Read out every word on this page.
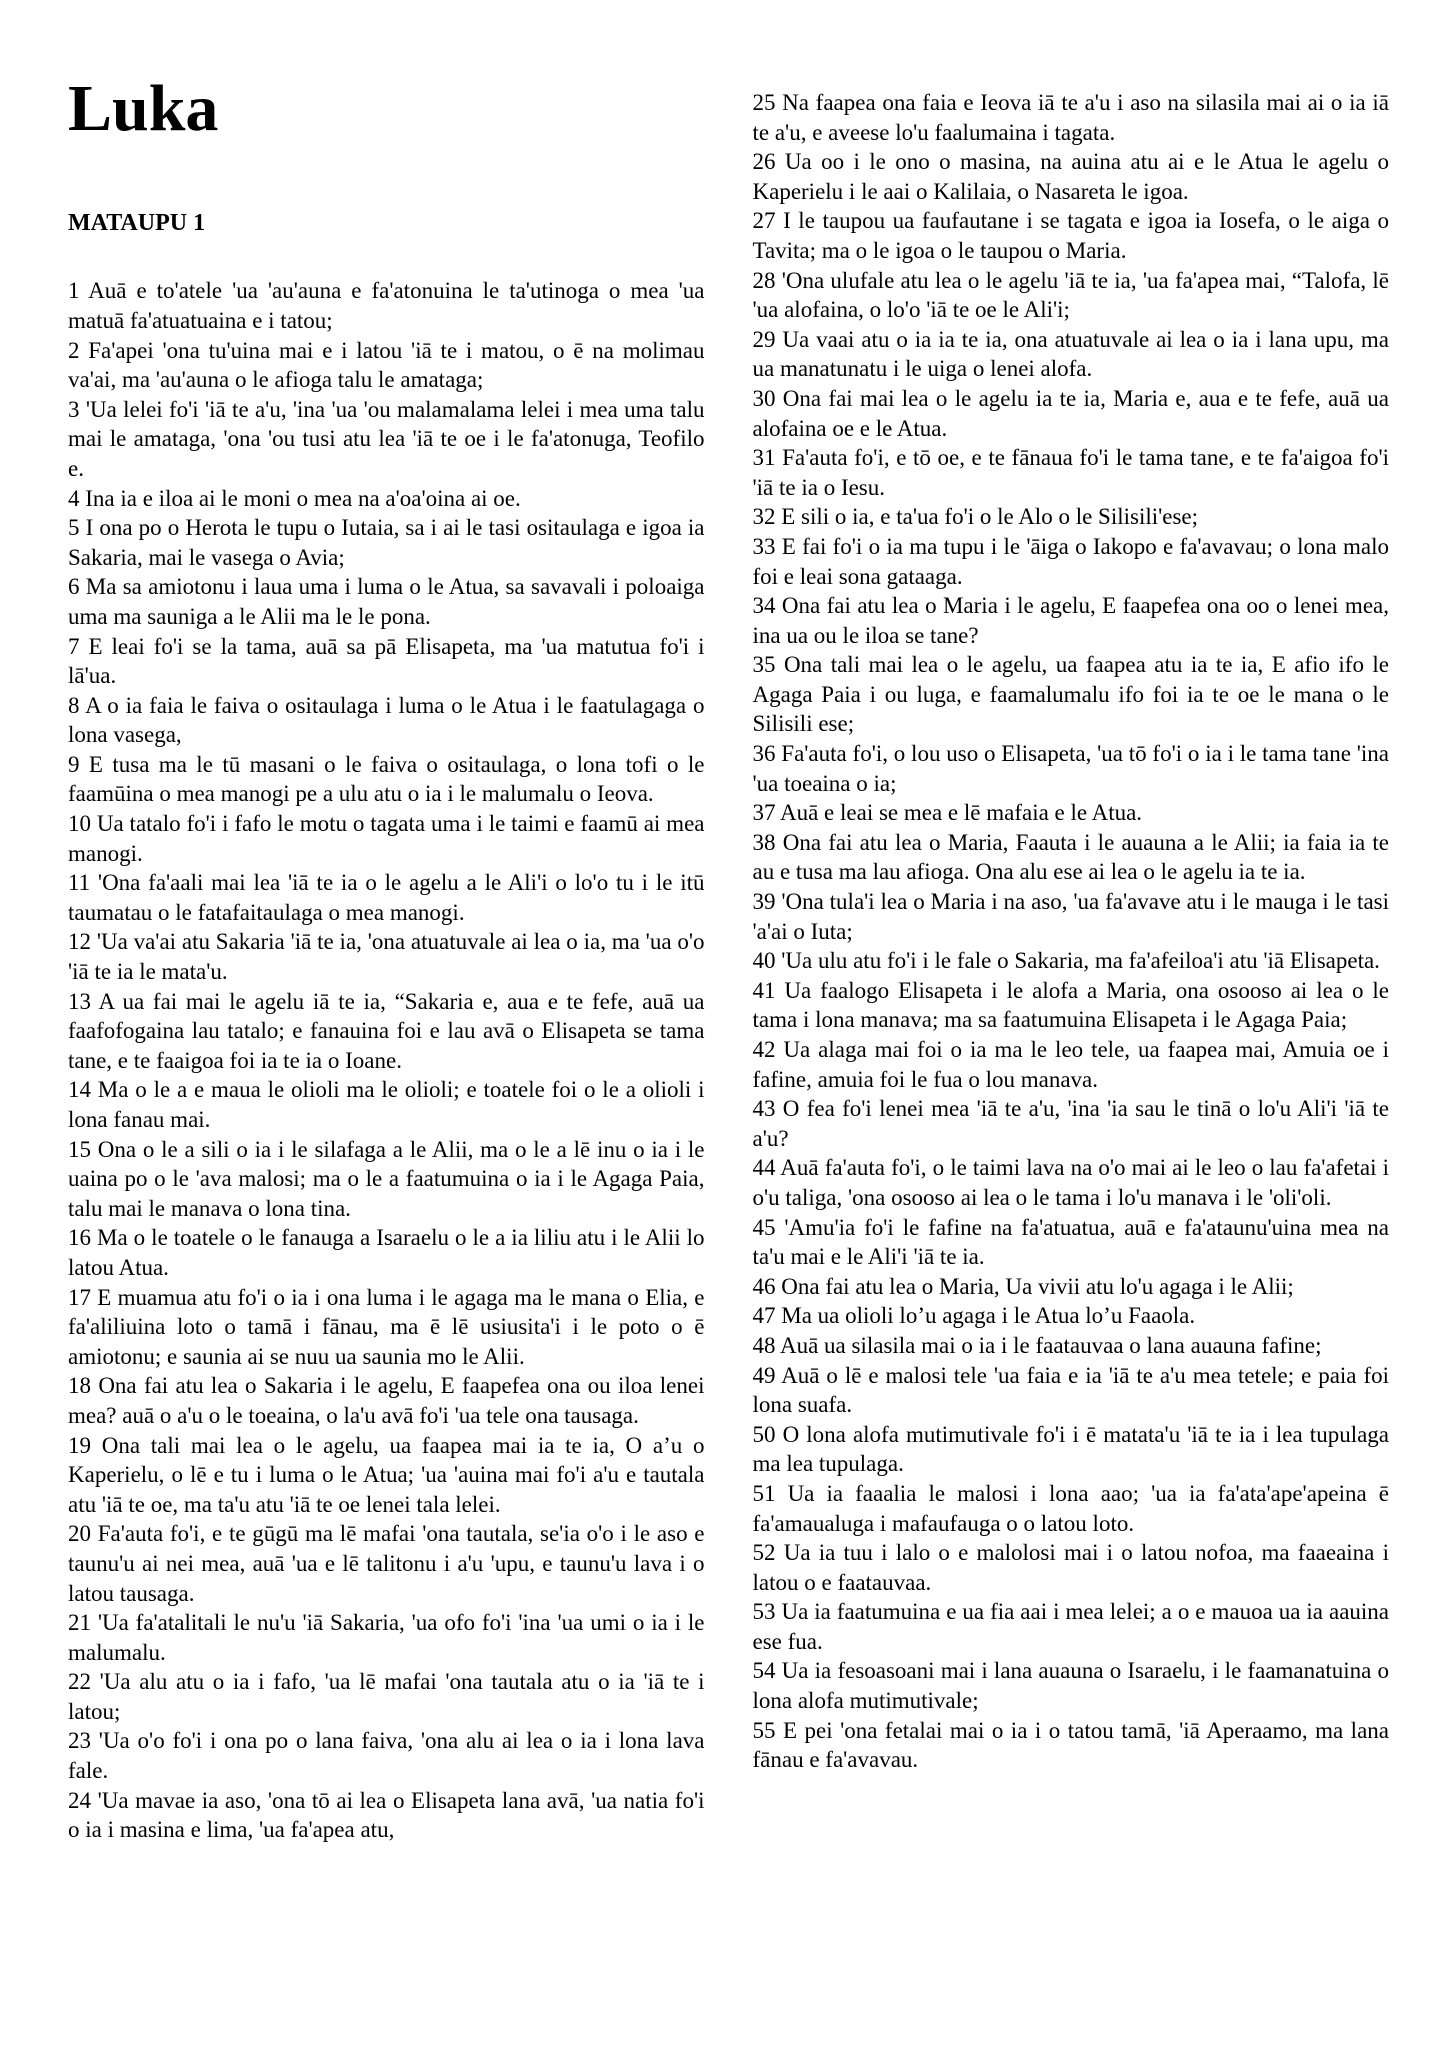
Luka
MATAUPU 1

1 Auā e to'atele 'ua 'au'auna e fa'atonuina le ta'utinoga o mea 'ua matuā fa'atuatuaina e i tatou;

2 Fa'apei 'ona tu'uina mai e i latou 'iā te i matou, o ē na molimau va'ai, ma 'au'auna o le afioga talu le amataga;

3 'Ua lelei fo'i 'iā te a'u, 'ina 'ua 'ou malamalama lelei i mea uma talu mai le amataga, 'ona 'ou tusi atu lea 'iā te oe i le fa'atonuga, Teofilo e.

4 Ina ia e iloa ai le moni o mea na a'oa'oina ai oe.

5 I ona po o Herota le tupu o Iutaia, sa i ai le tasi ositaulaga e igoa ia Sakaria, mai le vasega o Avia;

6 Ma sa amiotonu i laua uma i luma o le Atua, sa savavali i poloaiga uma ma sauniga a le Alii ma le le pona.

7 E leai fo'i se la tama, auā sa pā Elisapeta, ma 'ua matutua fo'i i lā'ua.

8 A o ia faia le faiva o ositaulaga i luma o le Atua i le faatulagaga o lona vasega,

9 E tusa ma le tū masani o le faiva o ositaulaga, o lona tofi o le faamūina o mea manogi pe a ulu atu o ia i le malumalu o Ieova.

10 Ua tatalo fo'i i fafo le motu o tagata uma i le taimi e faamū ai mea manogi.

11 'Ona fa'aali mai lea 'iā te ia o le agelu a le Ali'i o lo'o tu i le itū taumatau o le fatafaitaulaga o mea manogi.

12 'Ua va'ai atu Sakaria 'iā te ia, 'ona atuatuvale ai lea o ia, ma 'ua o'o 'iā te ia le mata'u.

13 A ua fai mai le agelu iā te ia, “Sakaria e, aua e te fefe, auā ua faafofogaina lau tatalo; e fanauina foi e lau avā o Elisapeta se tama tane, e te faaigoa foi ia te ia o Ioane.

14 Ma o le a e maua le olioli ma le olioli; e toatele foi o le a olioli i lona fanau mai.

15 Ona o le a sili o ia i le silafaga a le Alii, ma o le a lē inu o ia i le uaina po o le 'ava malosi; ma o le a faatumuina o ia i le Agaga Paia, talu mai le manava o lona tina.

16 Ma o le toatele o le fanauga a Isaraelu o le a ia liliu atu i le Alii lo latou Atua.

17 E muamua atu fo'i o ia i ona luma i le agaga ma le mana o Elia, e fa'aliliuina loto o tamā i fānau, ma ē lē usiusita'i i le poto o ē amiotonu; e saunia ai se nuu ua saunia mo le Alii.

18 Ona fai atu lea o Sakaria i le agelu, E faapefea ona ou iloa lenei mea? auā o a'u o le toeaina, o la'u avā fo'i 'ua tele ona tausaga.

19 Ona tali mai lea o le agelu, ua faapea mai ia te ia, O a’u o Kaperielu, o lē e tu i luma o le Atua; 'ua 'auina mai fo'i a'u e tautala atu 'iā te oe, ma ta'u atu 'iā te oe lenei tala lelei.

20 Fa'auta fo'i, e te gūgū ma lē mafai 'ona tautala, se'ia o'o i le aso e taunu'u ai nei mea, auā 'ua e lē talitonu i a'u 'upu, e taunu'u lava i o latou tausaga.

21 'Ua fa'atalitali le nu'u 'iā Sakaria, 'ua ofo fo'i 'ina 'ua umi o ia i le malumalu.

22 'Ua alu atu o ia i fafo, 'ua lē mafai 'ona tautala atu o ia 'iā te i latou;

23 'Ua o'o fo'i i ona po o lana faiva, 'ona alu ai lea o ia i lona lava fale.

24 'Ua mavae ia aso, 'ona tō ai lea o Elisapeta lana avā, 'ua natia fo'i o ia i masina e lima, 'ua fa'apea atu,

25 Na faapea ona faia e Ieova iā te a'u i aso na silasila mai ai o ia iā te a'u, e aveese lo'u faalumaina i tagata.

26 Ua oo i le ono o masina, na auina atu ai e le Atua le agelu o Kaperielu i le aai o Kalilaia, o Nasareta le igoa.

27 I le taupou ua faufautane i se tagata e igoa ia Iosefa, o le aiga o Tavita; ma o le igoa o le taupou o Maria.

28 'Ona ulufale atu lea o le agelu 'iā te ia, 'ua fa'apea mai, “Talofa, lē 'ua alofaina, o lo'o 'iā te oe le Ali'i;

29 Ua vaai atu o ia ia te ia, ona atuatuvale ai lea o ia i lana upu, ma ua manatunatu i le uiga o lenei alofa.

30 Ona fai mai lea o le agelu ia te ia, Maria e, aua e te fefe, auā ua alofaina oe e le Atua.

31 Fa'auta fo'i, e tō oe, e te fānaua fo'i le tama tane, e te fa'aigoa fo'i 'iā te ia o Iesu.

32 E sili o ia, e ta'ua fo'i o le Alo o le Silisili'ese;

33 E fai fo'i o ia ma tupu i le 'āiga o Iakopo e fa'avavau; o lona malo foi e leai sona gataaga.

34 Ona fai atu lea o Maria i le agelu, E faapefea ona oo o lenei mea, ina ua ou le iloa se tane?

35 Ona tali mai lea o le agelu, ua faapea atu ia te ia, E afio ifo le Agaga Paia i ou luga, e faamalumalu ifo foi ia te oe le mana o le Silisili ese;

36 Fa'auta fo'i, o lou uso o Elisapeta, 'ua tō fo'i o ia i le tama tane 'ina 'ua toeaina o ia;

37 Auā e leai se mea e lē mafaia e le Atua.

38 Ona fai atu lea o Maria, Faauta i le auauna a le Alii; ia faia ia te au e tusa ma lau afioga. Ona alu ese ai lea o le agelu ia te ia.

39 'Ona tula'i lea o Maria i na aso, 'ua fa'avave atu i le mauga i le tasi 'a'ai o Iuta;

40 'Ua ulu atu fo'i i le fale o Sakaria, ma fa'afeiloa'i atu 'iā Elisapeta.

41 Ua faalogo Elisapeta i le alofa a Maria, ona osooso ai lea o le tama i lona manava; ma sa faatumuina Elisapeta i le Agaga Paia;

42 Ua alaga mai foi o ia ma le leo tele, ua faapea mai, Amuia oe i fafine, amuia foi le fua o lou manava.

43 O fea fo'i lenei mea 'iā te a'u, 'ina 'ia sau le tinā o lo'u Ali'i 'iā te a'u?

44 Auā fa'auta fo'i, o le taimi lava na o'o mai ai le leo o lau fa'afetai i o'u taliga, 'ona osooso ai lea o le tama i lo'u manava i le 'oli'oli.

45 'Amu'ia fo'i le fafine na fa'atuatua, auā e fa'ataunu'uina mea na ta'u mai e le Ali'i 'iā te ia.

46 Ona fai atu lea o Maria, Ua vivii atu lo'u agaga i le Alii;

47 Ma ua olioli lo’u agaga i le Atua lo’u Faaola.

48 Auā ua silasila mai o ia i le faatauvaa o lana auauna fafine;

49 Auā o lē e malosi tele 'ua faia e ia 'iā te a'u mea tetele; e paia foi lona suafa.

50 O lona alofa mutimutivale fo'i i ē matata'u 'iā te ia i lea tupulaga ma lea tupulaga.

51 Ua ia faaalia le malosi i lona aao; 'ua ia fa'ata'ape'apeina ē fa'amaualuga i mafaufauga o o latou loto.

52 Ua ia tuu i lalo o e malolosi mai i o latou nofoa, ma faaeaina i latou o e faatauvaa.

53 Ua ia faatumuina e ua fia aai i mea lelei; a o e mauoa ua ia aauina ese fua.

54 Ua ia fesoasoani mai i lana auauna o Isaraelu, i le faamanatuina o lona alofa mutimutivale;

55 E pei 'ona fetalai mai o ia i o tatou tamā, 'iā Aperaamo, ma lana fānau e fa'avavau.
